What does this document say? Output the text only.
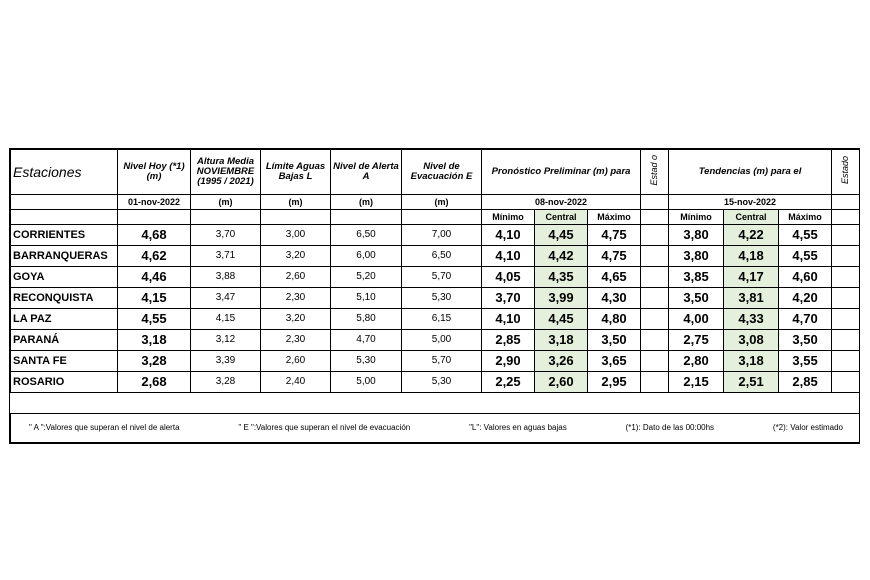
Estaciones	Nivel Hoy (*1) (m)	Altura Media NOVIEMBRE (1995 / 2021)	Límite Aguas Bajas L	Nivel de Alerta A	Nivel de Evacuación E	Pronóstico Preliminar (m) para			Estad o	Tendencias (m) para el			Estado
	01-nov-2022	(m)	(m)	(m)	(m)	08-nov-2022				15-nov-2022			
						Mínimo	Central	Máximo		Mínimo	Central	Máximo	
CORRIENTES	4,68	3,70	3,00	6,50	7,00	4,10	4,45	4,75		3,80	4,22	4,55	
BARRANQUERAS	4,62	3,71	3,20	6,00	6,50	4,10	4,42	4,75		3,80	4,18	4,55	
GOYA	4,46	3,88	2,60	5,20	5,70	4,05	4,35	4,65		3,85	4,17	4,60	
RECONQUISTA	4,15	3,47	2,30	5,10	5,30	3,70	3,99	4,30		3,50	3,81	4,20	
LA PAZ	4,55	4,15	3,20	5,80	6,15	4,10	4,45	4,80		4,00	4,33	4,70	
PARANÁ	3,18	3,12	2,30	4,70	5,00	2,85	3,18	3,50		2,75	3,08	3,50	
SANTA FE	3,28	3,39	2,60	5,30	5,70	2,90	3,26	3,65		2,80	3,18	3,55	
ROSARIO	2,68	3,28	2,40	5,00	5,30	2,25	2,60	2,95		2,15	2,51	2,85	

" A ":Valores que superan el nivel de alerta " E ":Valores que superan el nivel de evacuación "L": Valores en aguas bajas (*1): Dato de las 00:00hs (*2): Valor estimado													
